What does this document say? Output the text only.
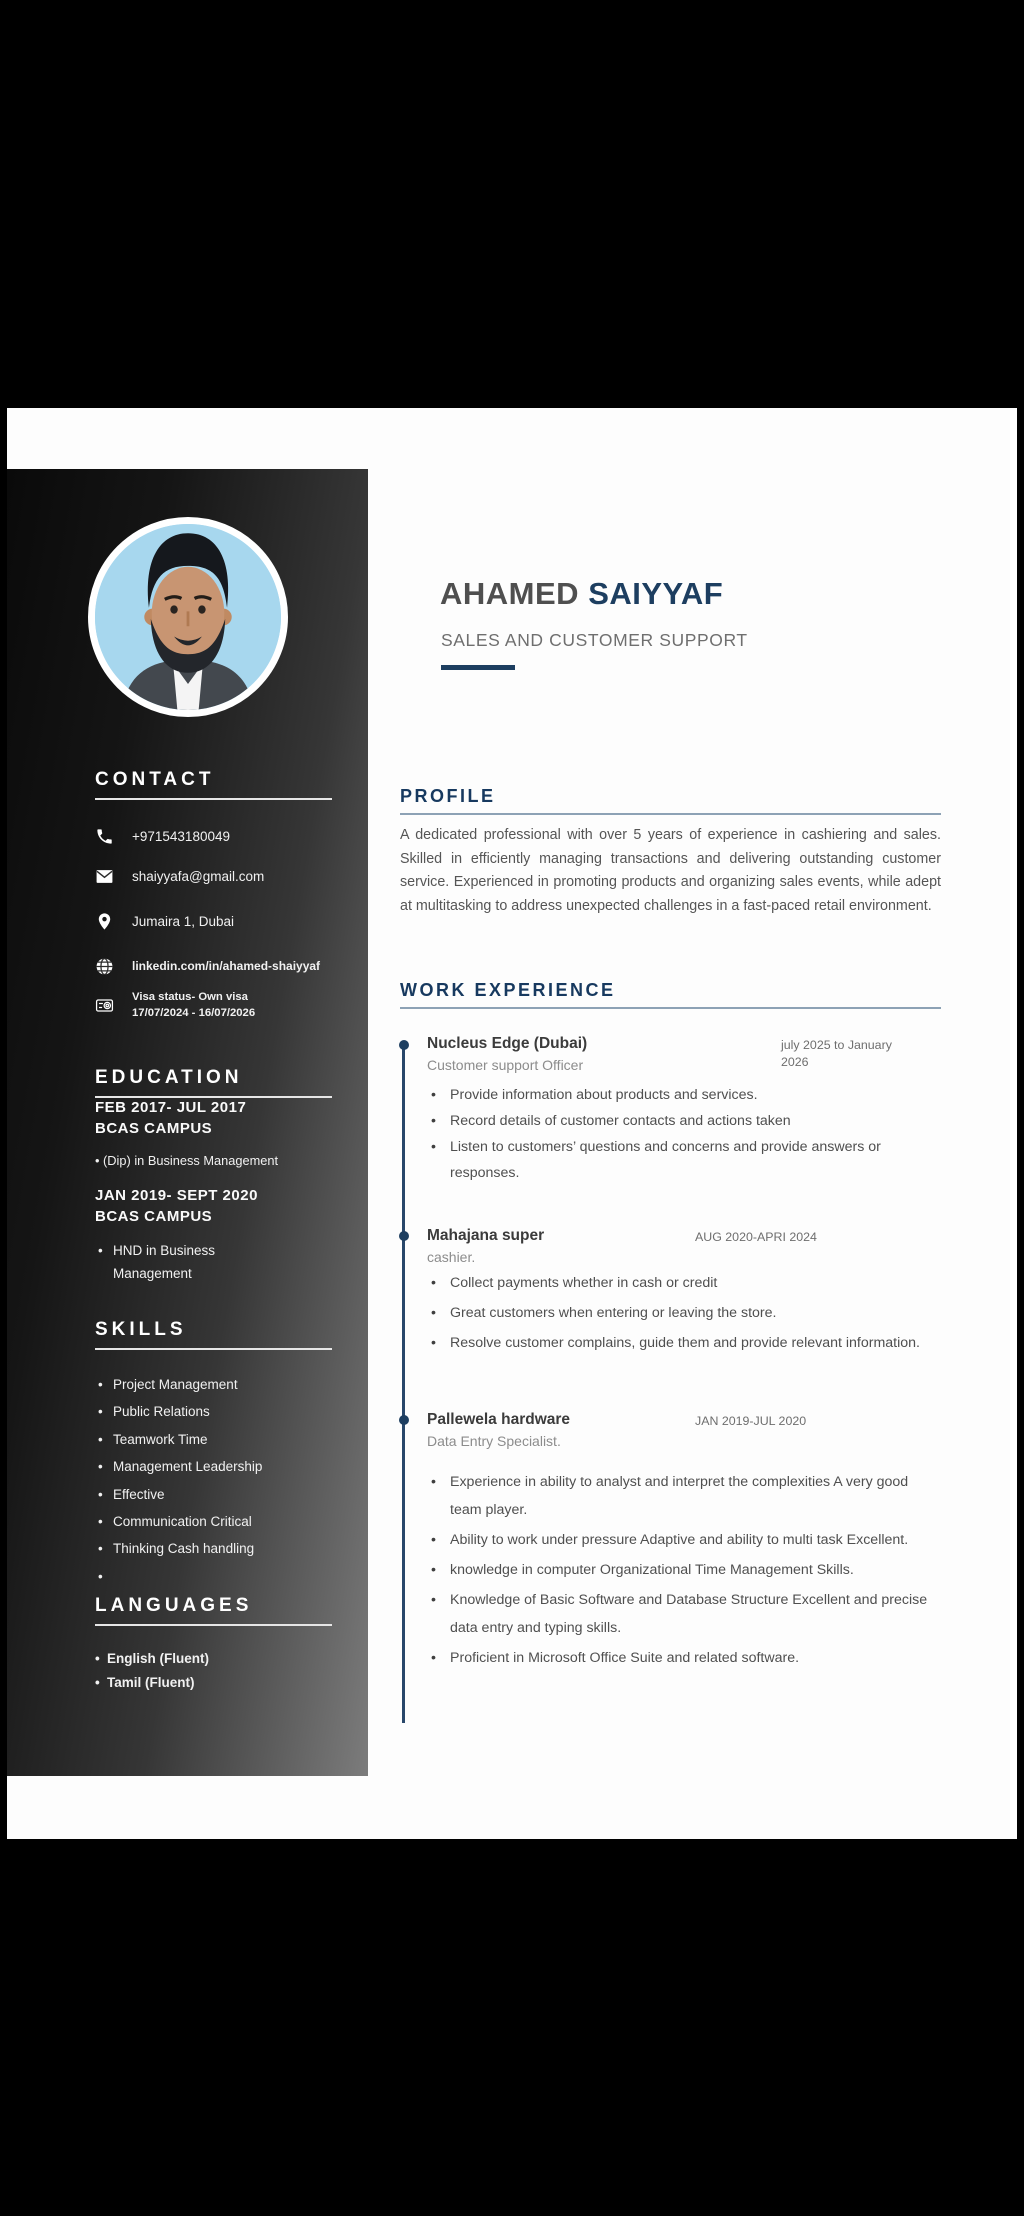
CONTACT
+971543180049
shaiyyafa@gmail.com
Jumaira 1, Dubai
linkedin.com/in/ahamed-shaiyyaf
Visa status- Own visa
17/07/2024 - 16/07/2026
EDUCATION
FEB 2017- JUL 2017
BCAS CAMPUS
• (Dip) in Business Management
JAN 2019- SEPT 2020
BCAS CAMPUS
• HND in Business Management
SKILLS
• Project Management
• Public Relations
• Teamwork Time
• Management Leadership
• Effective
• Communication Critical
• Thinking Cash handling
LANGUAGES
• English (Fluent)
• Tamil (Fluent)
AHAMED SAIYYAF
SALES AND CUSTOMER SUPPORT
PROFILE

A dedicated professional with over 5 years of experience in cashiering and sales. Skilled in efficiently managing transactions and delivering outstanding customer service. Experienced in promoting products and organizing sales events, while adept at multitasking to address unexpected challenges in a fast-paced retail environment.

WORK EXPERIENCE
Nucleus Edge (Dubai)
Customer support Officer
july 2025 to January 2026
• Provide information about products and services.
• Record details of customer contacts and actions taken
• Listen to customers’ questions and concerns and provide answers or responses.
Mahajana super
cashier.
AUG 2020-APRI 2024
• Collect payments whether in cash or credit
• Great customers when entering or leaving the store.
• Resolve customer complains, guide them and provide relevant information.
Pallewela hardware
Data Entry Specialist.
JAN 2019-JUL 2020
• Experience in ability to analyst and interpret the complexities A very good team player.
• Ability to work under pressure Adaptive and ability to multi task Excellent.
• knowledge in computer Organizational Time Management Skills.
• Knowledge of Basic Software and Database Structure Excellent and precise data entry and typing skills.
• Proficient in Microsoft Office Suite and related software.
